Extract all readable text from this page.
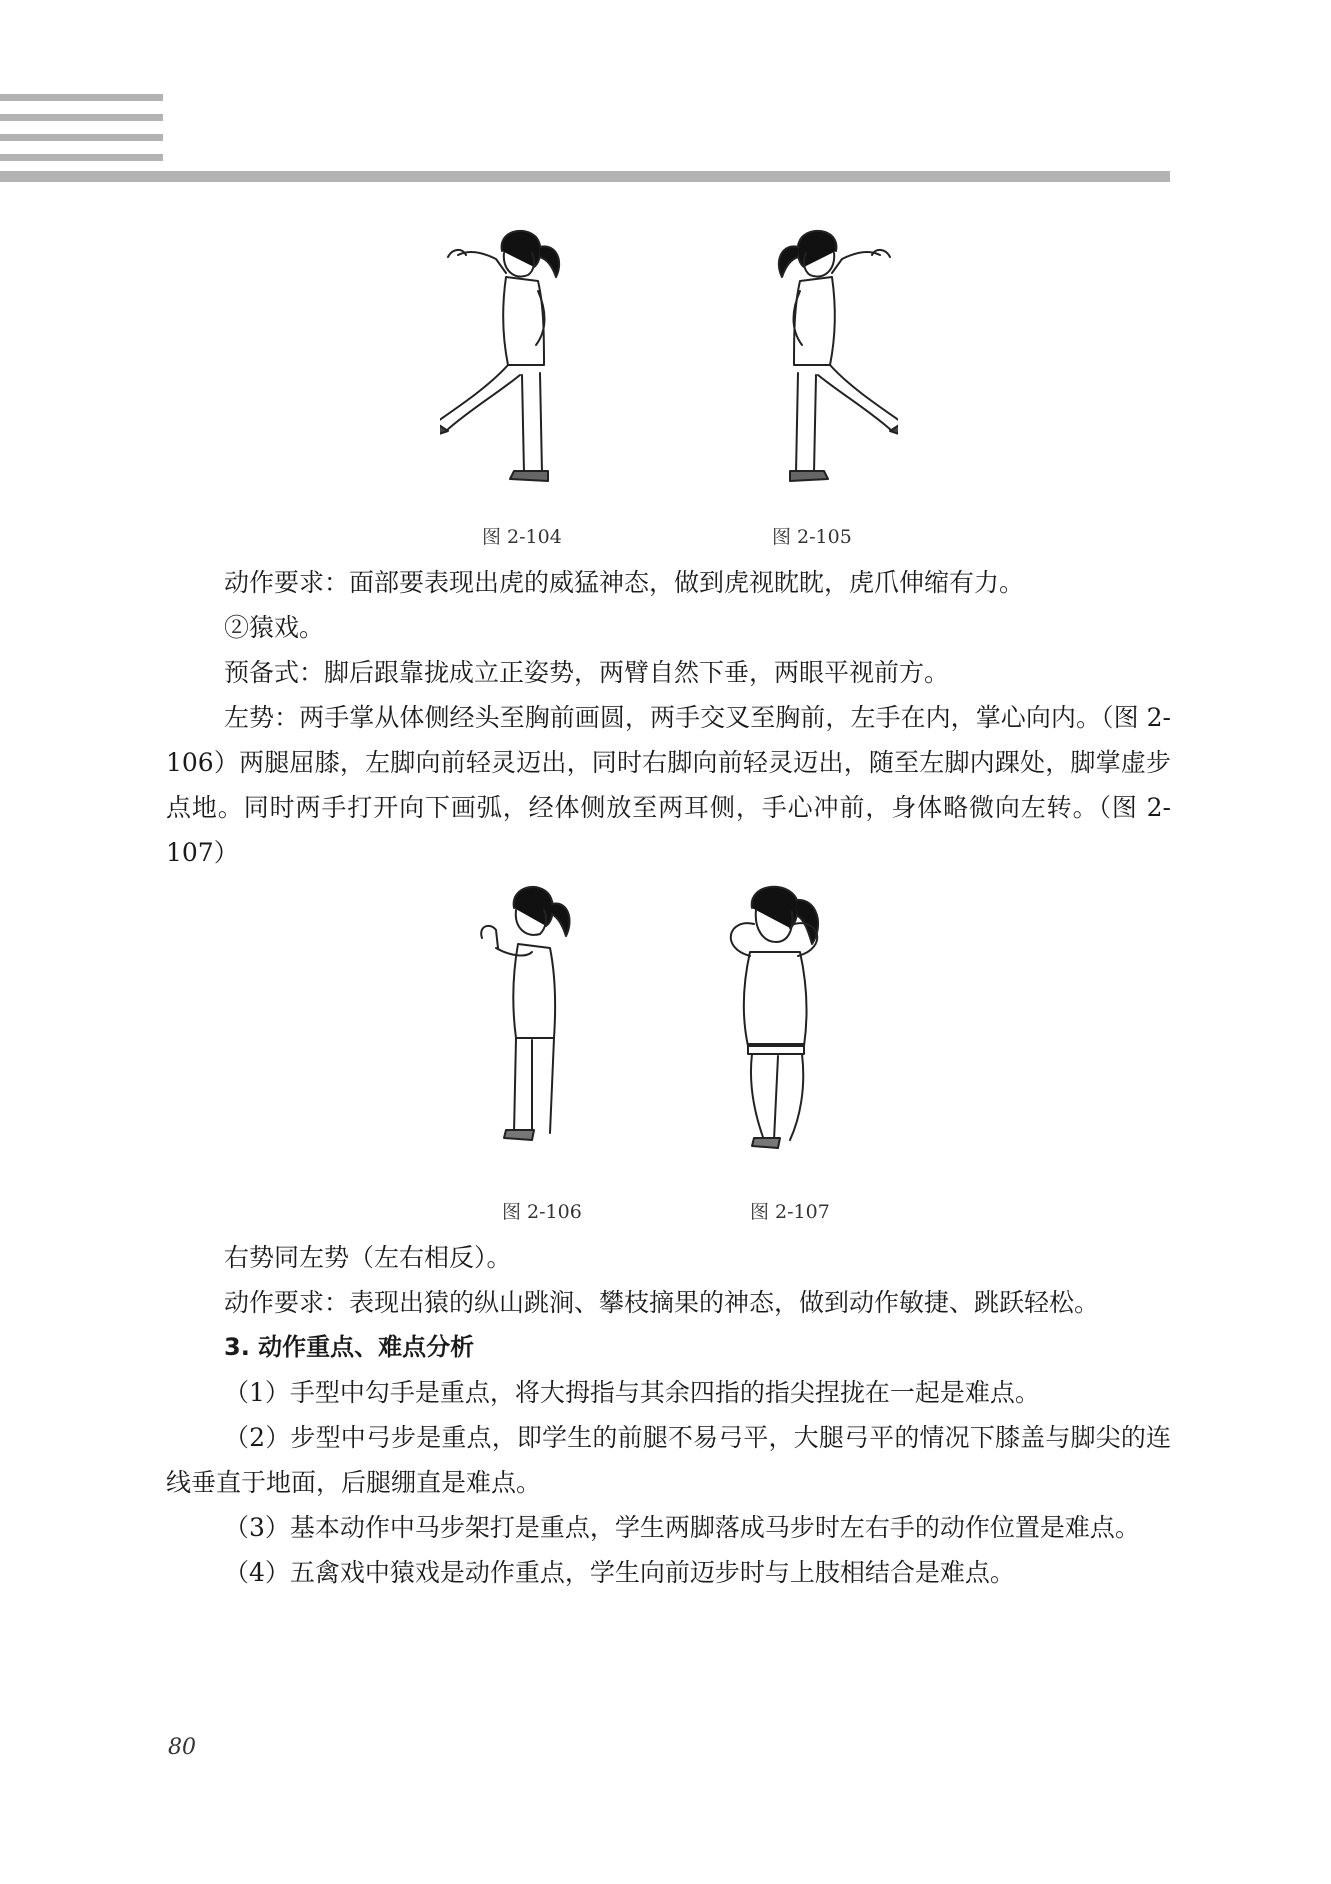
图 2-104	图 2-105

动作要求：面部要表现出虎的威猛神态，做到虎视眈眈，虎爪伸缩有力。

②猿戏。

预备式：脚后跟靠拢成立正姿势，两臂自然下垂，两眼平视前方。

左势：两手掌从体侧经头至胸前画圆，两手交叉至胸前，左手在内，掌心向内。（图 2-106）两腿屈膝，左脚向前轻灵迈出，同时右脚向前轻灵迈出，随至左脚内踝处，脚掌虚步点地。同时两手打开向下画弧，经体侧放至两耳侧，手心冲前，身体略微向左转。（图 2-107）

图 2-106	图 2-107

右势同左势（左右相反）。

动作要求：表现出猿的纵山跳涧、攀枝摘果的神态，做到动作敏捷、跳跃轻松。

3. 动作重点、难点分析

（1）手型中勾手是重点，将大拇指与其余四指的指尖捏拢在一起是难点。

（2）步型中弓步是重点，即学生的前腿不易弓平，大腿弓平的情况下膝盖与脚尖的连线垂直于地面，后腿绷直是难点。

（3）基本动作中马步架打是重点，学生两脚落成马步时左右手的动作位置是难点。

（4）五禽戏中猿戏是动作重点，学生向前迈步时与上肢相结合是难点。

80
